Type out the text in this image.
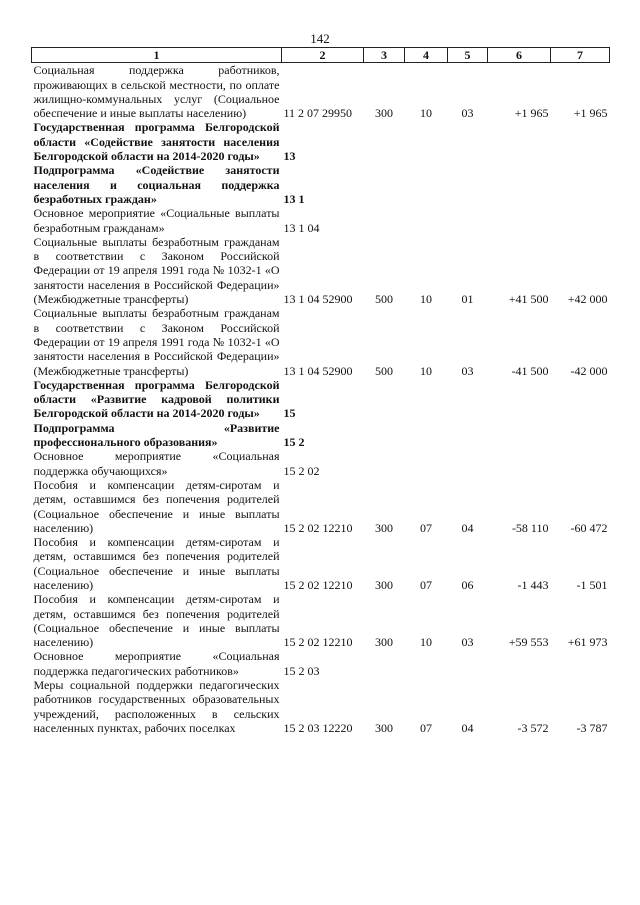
142
1	2	3	4	5	6	7
Социальная поддержка работников, проживающих в сельской местности, по оплате жилищно-коммунальных услуг (Социальное обеспечение и иные выплаты населению)	11 2 07 29950	300	10	03	+1 965	+1 965
Государственная программа Белгородской области «Содействие занятости населения Белгородской области на 2014-2020 годы»	13					
Подпрограмма «Содействие занятости населения и социальная поддержка безработных граждан»	13 1					
Основное мероприятие «Социальные выплаты безработным гражданам»	13 1 04					
Социальные выплаты безработным гражданам в соответствии с Законом Российской Федерации от 19 апреля 1991 года № 1032-1 «О занятости населения в Российской Федерации» (Межбюджетные трансферты)	13 1 04 52900	500	10	01	+41 500	+42 000
Социальные выплаты безработным гражданам в соответствии с Законом Российской Федерации от 19 апреля 1991 года № 1032-1 «О занятости населения в Российской Федерации» (Межбюджетные трансферты)	13 1 04 52900	500	10	03	-41 500	-42 000
Государственная программа Белгородской области «Развитие кадровой политики Белгородской области на 2014-2020 годы»	15					
Подпрограмма «Развитие профессионального образования»	15 2					
Основное мероприятие «Социальная поддержка обучающихся»	15 2 02					
Пособия и компенсации детям-сиротам и детям, оставшимся без попечения родителей (Социальное обеспечение и иные выплаты населению)	15 2 02 12210	300	07	04	-58 110	-60 472
Пособия и компенсации детям-сиротам и детям, оставшимся без попечения родителей (Социальное обеспечение и иные выплаты населению)	15 2 02 12210	300	07	06	-1 443	-1 501
Пособия и компенсации детям-сиротам и детям, оставшимся без попечения родителей (Социальное обеспечение и иные выплаты населению)	15 2 02 12210	300	10	03	+59 553	+61 973
Основное мероприятие «Социальная поддержка педагогических работников»	15 2 03					
Меры социальной поддержки педагогических работников государственных образовательных учреждений, расположенных в сельских населенных пунктах, рабочих поселках	15 2 03 12220	300	07	04	-3 572	-3 787
